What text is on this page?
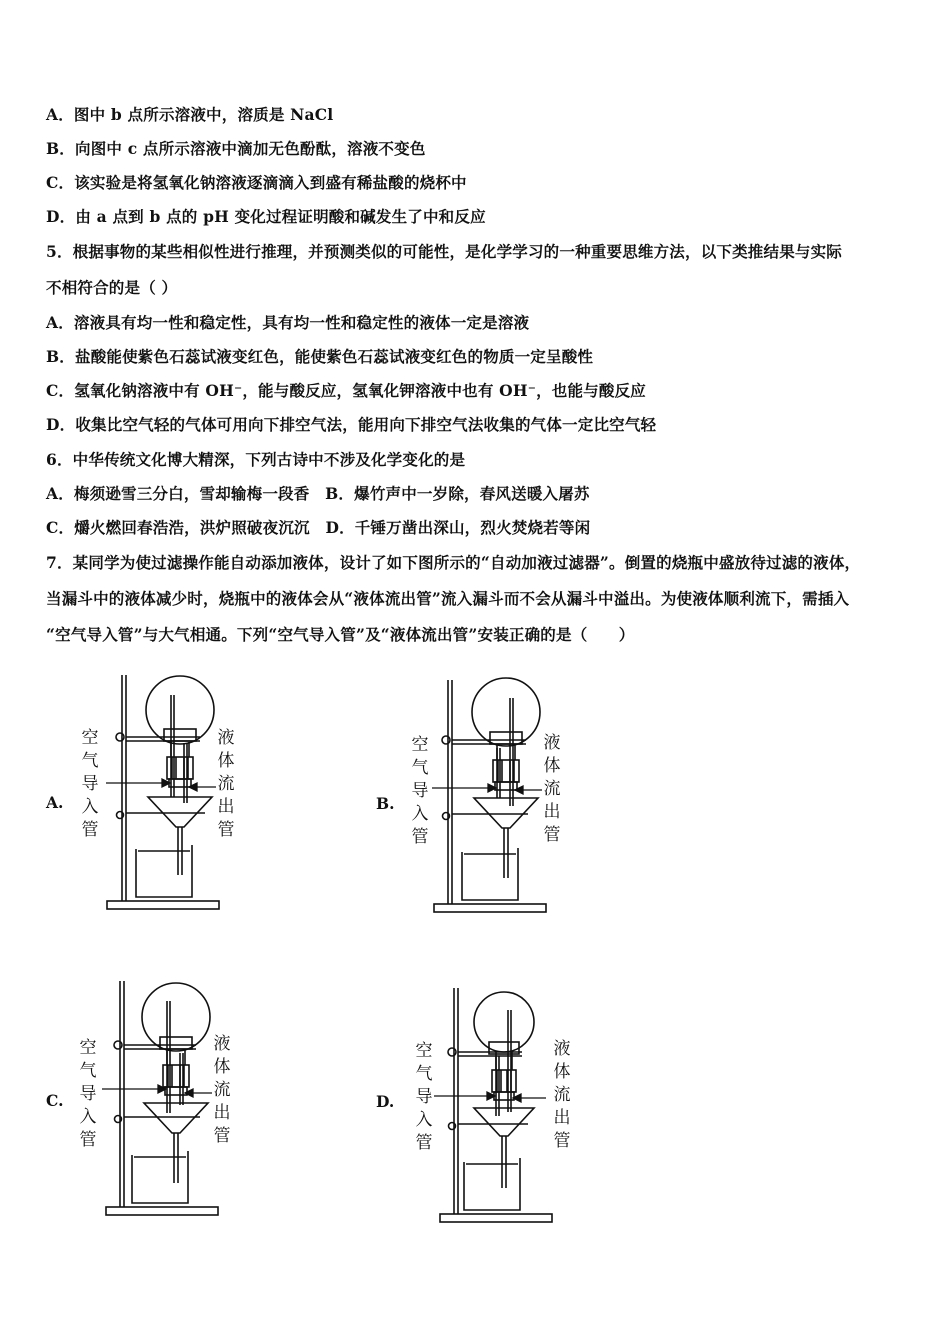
A．图中 b 点所示溶液中，溶质是 NaCl
B．向图中 c 点所示溶液中滴加无色酚酞，溶液不变色
C．该实验是将氢氧化钠溶液逐滴滴入到盛有稀盐酸的烧杯中
D．由 a 点到 b 点的 pH 变化过程证明酸和碱发生了中和反应
5．根据事物的某些相似性进行推理，并预测类似的可能性，是化学学习的一种重要思维方法，以下类推结果与实际
不相符合的是（ ）
A．溶液具有均一性和稳定性，具有均一性和稳定性的液体一定是溶液
B．盐酸能使紫色石蕊试液变红色，能使紫色石蕊试液变红色的物质一定呈酸性
C．氢氧化钠溶液中有 OH⁻，能与酸反应，氢氧化钾溶液中也有 OH⁻，也能与酸反应
D．收集比空气轻的气体可用向下排空气法，能用向下排空气法收集的气体一定比空气轻
6．中华传统文化博大精深，下列古诗中不涉及化学变化的是
A．梅须逊雪三分白，雪却输梅一段香　B．爆竹声中一岁除，春风送暖入屠苏
C．爝火燃回春浩浩，洪炉照破夜沉沉　D．千锤万凿出深山，烈火焚烧若等闲
7．某同学为使过滤操作能自动添加液体，设计了如下图所示的“自动加液过滤器”。倒置的烧瓶中盛放待过滤的液体，
当漏斗中的液体减少时，烧瓶中的液体会从“液体流出管”流入漏斗而不会从漏斗中溢出。为使液体顺利流下，需插入
“空气导入管”与大气相通。下列“空气导入管”及“液体流出管”安装正确的是（　　）
A.
空气导入管
液体流出管
B.
空气导入管
液体流出管
C.
空气导入管
液体流出管
D.
空气导入管
液体流出管
